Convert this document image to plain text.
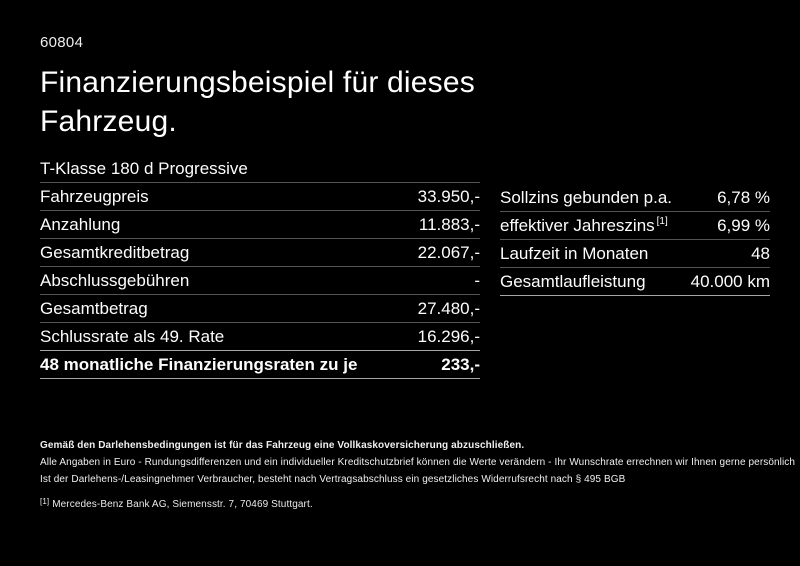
60804
Finanzierungsbeispiel für dieses Fahrzeug.
T-Klasse 180 d Progressive
Fahrzeugpreis	33.950,-
Anzahlung	11.883,-
Gesamtkreditbetrag	22.067,-
Abschlussgebühren	-
Gesamtbetrag	27.480,-
Schlussrate als 49. Rate	16.296,-
48 monatliche Finanzierungsraten zu je	233,-
Sollzins gebunden p.a.	6,78 %
effektiver Jahreszins [1]	6,99 %
Laufzeit in Monaten	48
Gesamtlaufleistung	40.000 km
Gemäß den Darlehensbedingungen ist für das Fahrzeug eine Vollkaskoversicherung abzuschließen.
Alle Angaben in Euro - Rundungsdifferenzen und ein individueller Kreditschutzbrief können die Werte verändern - Ihr Wunschrate errechnen wir Ihnen gerne persönlich
Ist der Darlehens-/Leasingnehmer Verbraucher, besteht nach Vertragsabschluss ein gesetzliches Widerrufsrecht nach § 495 BGB
[1] Mercedes-Benz Bank AG, Siemensstr. 7, 70469 Stuttgart.
